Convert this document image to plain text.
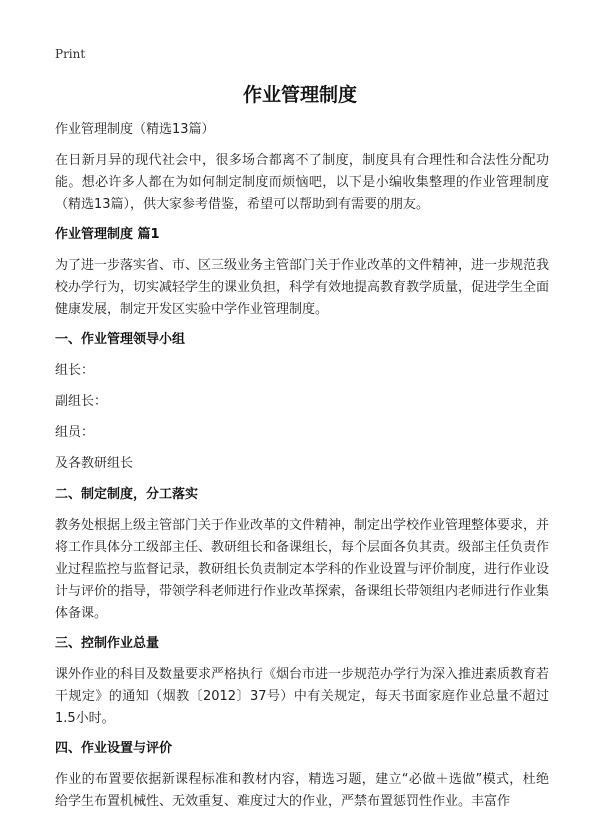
Print
作业管理制度

作业管理制度（精选13篇）

在日新月异的现代社会中，很多场合都离不了制度，制度具有合理性和合法性分配功能。想必许多人都在为如何制定制度而烦恼吧，以下是小编收集整理的作业管理制度（精选13篇），供大家参考借鉴，希望可以帮助到有需要的朋友。

作业管理制度 篇1

为了进一步落实省、市、区三级业务主管部门关于作业改革的文件精神，进一步规范我校办学行为，切实减轻学生的课业负担，科学有效地提高教育教学质量，促进学生全面健康发展，制定开发区实验中学作业管理制度。

一、作业管理领导小组
组长：
副组长：
组员：
及各教研组长
二、制定制度，分工落实

教务处根据上级主管部门关于作业改革的文件精神，制定出学校作业管理整体要求，并将工作具体分工级部主任、教研组长和备课组长，每个层面各负其责。级部主任负责作业过程监控与监督记录，教研组长负责制定本学科的作业设置与评价制度，进行作业设计与评价的指导，带领学科老师进行作业改革探索，备课组长带领组内老师进行作业集体备课。

三、控制作业总量

课外作业的科目及数量要求严格执行《烟台市进一步规范办学行为深入推进素质教育若干规定》的通知（烟教〔2012〕37号）中有关规定，每天书面家庭作业总量不超过1.5小时。

四、作业设置与评价

作业的布置要依据新课程标准和教材内容，精选习题，建立“必做＋选做”模式，杜绝给学生布置机械性、无效重复、难度过大的作业，严禁布置惩罚性作业。丰富作
